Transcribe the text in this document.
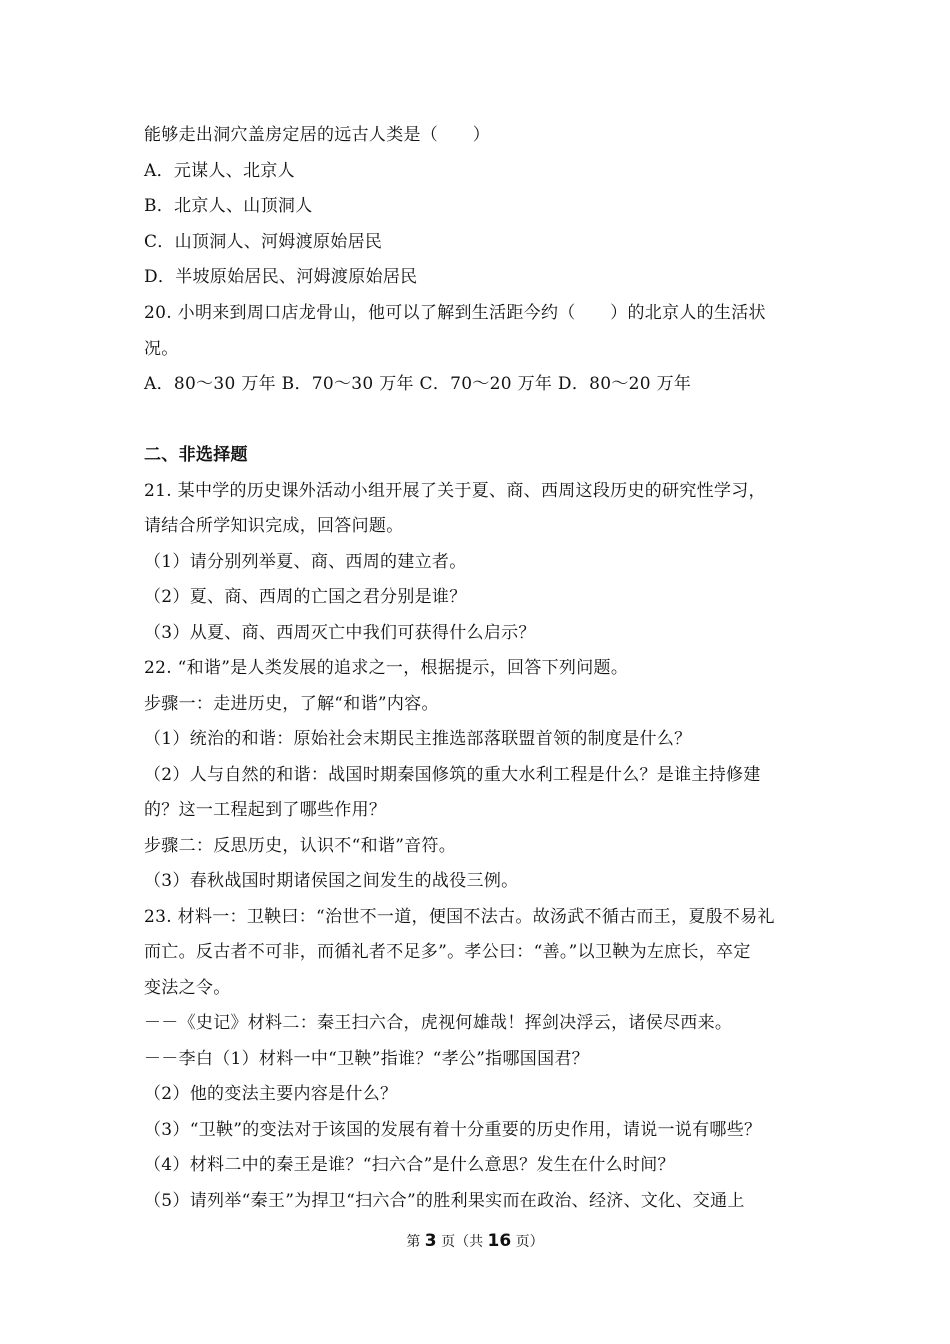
能够走出洞穴盖房定居的远古人类是（　　）
A．元谋人、北京人
B．北京人、山顶洞人
C．山顶洞人、河姆渡原始居民
D．半坡原始居民、河姆渡原始居民
20. 小明来到周口店龙骨山，他可以了解到生活距今约（　　）的北京人的生活状
况。
A．80～30 万年 B．70～30 万年 C．70～20 万年 D．80～20 万年
二、非选择题
21. 某中学的历史课外活动小组开展了关于夏、商、西周这段历史的研究性学习，
请结合所学知识完成，回答问题。
（1）请分别列举夏、商、西周的建立者。
（2）夏、商、西周的亡国之君分别是谁？
（3）从夏、商、西周灭亡中我们可获得什么启示？
22. “和谐”是人类发展的追求之一，根据提示，回答下列问题。
步骤一：走进历史，了解“和谐”内容。
（1）统治的和谐：原始社会末期民主推选部落联盟首领的制度是什么？
（2）人与自然的和谐：战国时期秦国修筑的重大水利工程是什么？是谁主持修建
的？这一工程起到了哪些作用？
步骤二：反思历史，认识不“和谐”音符。
（3）春秋战国时期诸侯国之间发生的战役三例。
23. 材料一：卫鞅曰：“治世不一道，便国不法古。故汤武不循古而王，夏殷不易礼
而亡。反古者不可非，而循礼者不足多”。孝公曰：“善。”以卫鞅为左庶长，卒定
变法之令。
－－《史记》材料二：秦王扫六合，虎视何雄哉！挥剑决浮云，诸侯尽西来。
－－李白（1）材料一中“卫鞅”指谁？“孝公”指哪国国君？
（2）他的变法主要内容是什么？
（3）“卫鞅”的变法对于该国的发展有着十分重要的历史作用，请说一说有哪些？
（4）材料二中的秦王是谁？“扫六合”是什么意思？发生在什么时间？
（5）请列举“秦王”为捍卫“扫六合”的胜利果实而在政治、经济、文化、交通上
第 3 页（共 16 页）
